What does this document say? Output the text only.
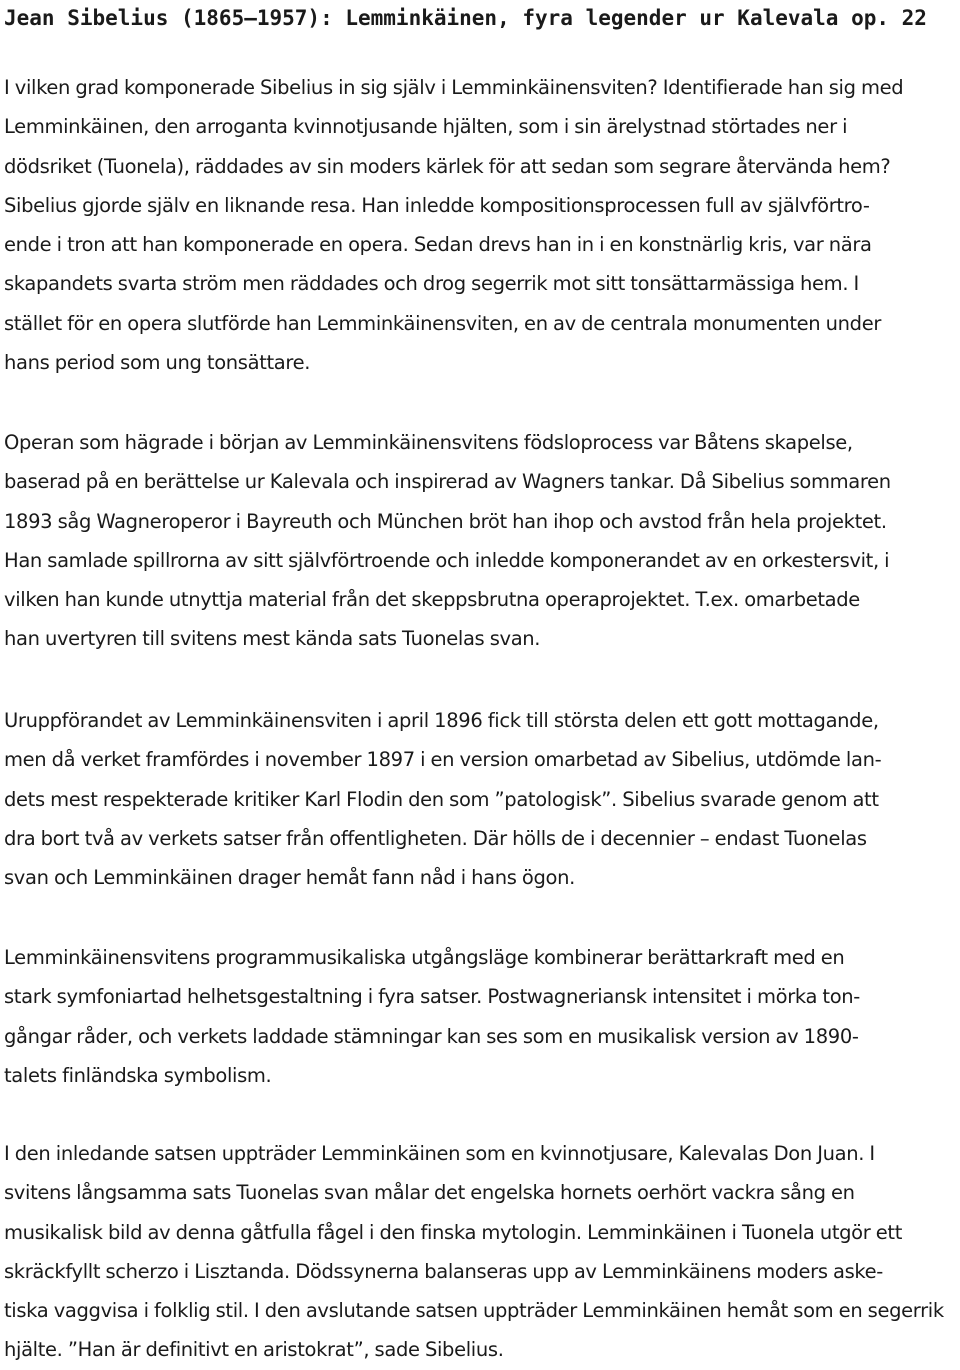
Jean Sibelius (1865–1957): Lemminkäinen, fyra legender ur Kalevala op. 22

I vilken grad komponerade Sibelius in sig själv i Lemminkäinensviten? Identifierade han sig med
Lemminkäinen, den arroganta kvinnotjusande hjälten, som i sin ärelystnad störtades ner i
dödsriket (Tuonela), räddades av sin moders kärlek för att sedan som segrare återvända hem?
Sibelius gjorde själv en liknande resa. Han inledde kompositionsprocessen full av självförtro-
ende i tron att han komponerade en opera. Sedan drevs han in i en konstnärlig kris, var nära
skapandets svarta ström men räddades och drog segerrik mot sitt tonsättarmässiga hem. I
stället för en opera slutförde han Lemminkäinensviten, en av de centrala monumenten under
hans period som ung tonsättare.

Operan som hägrade i början av Lemminkäinensvitens födsloprocess var Båtens skapelse,
baserad på en berättelse ur Kalevala och inspirerad av Wagners tankar. Då Sibelius sommaren
1893 såg Wagneroperor i Bayreuth och München bröt han ihop och avstod från hela projektet.
Han samlade spillrorna av sitt självförtroende och inledde komponerandet av en orkestersvit, i
vilken han kunde utnyttja material från det skeppsbrutna operaprojektet. T.ex. omarbetade
han uvertyren till svitens mest kända sats Tuonelas svan.

Uruppförandet av Lemminkäinensviten i april 1896 fick till största delen ett gott mottagande,
men då verket framfördes i november 1897 i en version omarbetad av Sibelius, utdömde lan-
dets mest respekterade kritiker Karl Flodin den som ”patologisk”. Sibelius svarade genom att
dra bort två av verkets satser från offentligheten. Där hölls de i decennier – endast Tuonelas
svan och Lemminkäinen drager hemåt fann nåd i hans ögon.

Lemminkäinensvitens programmusikaliska utgångsläge kombinerar berättarkraft med en
stark symfoniartad helhetsgestaltning i fyra satser. Postwagneriansk intensitet i mörka ton-
gångar råder, och verkets laddade stämningar kan ses som en musikalisk version av 1890-
talets finländska symbolism.

I den inledande satsen uppträder Lemminkäinen som en kvinnotjusare, Kalevalas Don Juan. I
svitens långsamma sats Tuonelas svan målar det engelska hornets oerhört vackra sång en
musikalisk bild av denna gåtfulla fågel i den finska mytologin. Lemminkäinen i Tuonela utgör ett
skräckfyllt scherzo i Lisztanda. Dödssynerna balanseras upp av Lemminkäinens moders aske-
tiska vaggvisa i folklig stil. I den avslutande satsen uppträder Lemminkäinen hemåt som en segerrik
hjälte. ”Han är definitivt en aristokrat”, sade Sibelius.
